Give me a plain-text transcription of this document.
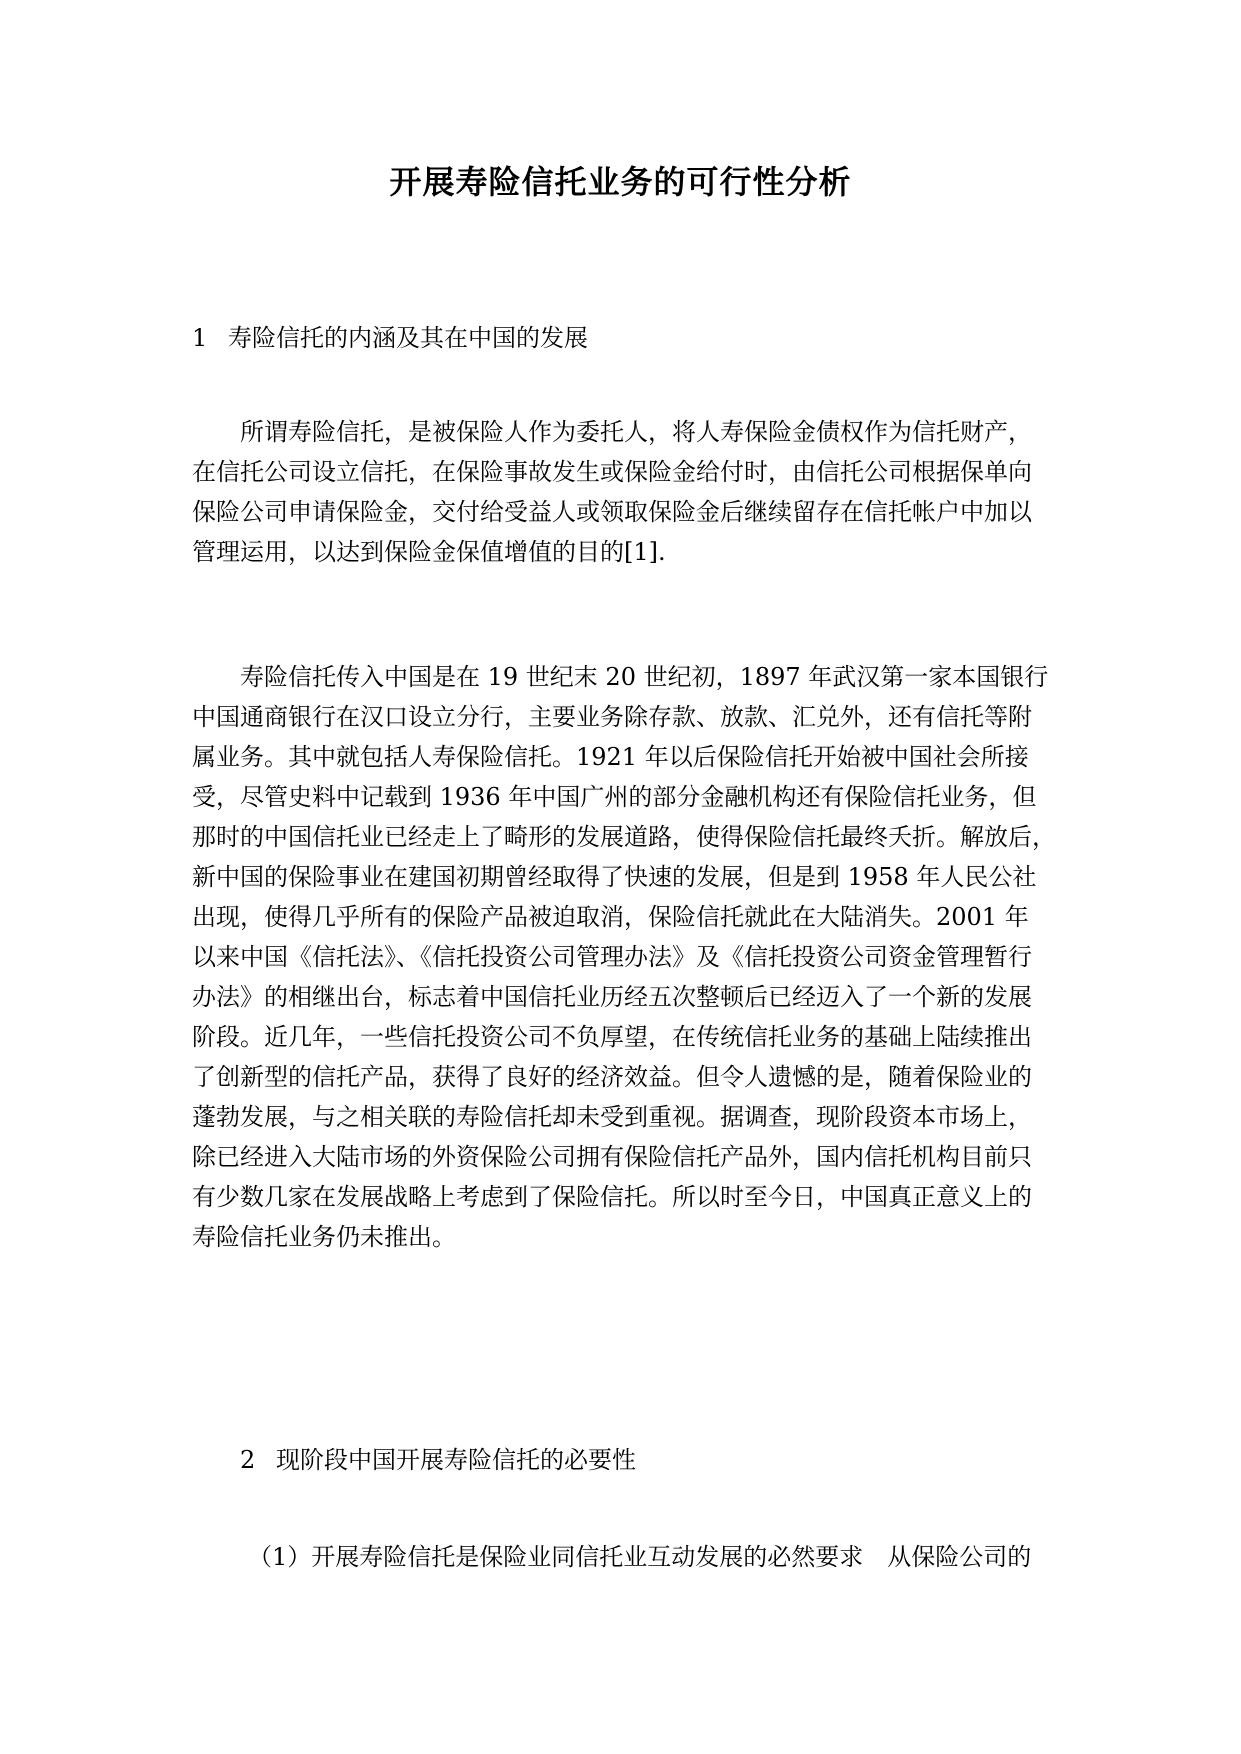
开展寿险信托业务的可行性分析
1 寿险信托的内涵及其在中国的发展
所谓寿险信托，是被保险人作为委托人，将人寿保险金债权作为信托财产，
在信托公司设立信托，在保险事故发生或保险金给付时，由信托公司根据保单向
保险公司申请保险金，交付给受益人或领取保险金后继续留存在信托帐户中加以
管理运用，以达到保险金保值增值的目的[1].
寿险信托传入中国是在 19 世纪末 20 世纪初，1897 年武汉第一家本国银行
中国通商银行在汉口设立分行，主要业务除存款、放款、汇兑外，还有信托等附
属业务。其中就包括人寿保险信托。1921 年以后保险信托开始被中国社会所接
受，尽管史料中记载到 1936 年中国广州的部分金融机构还有保险信托业务，但
那时的中国信托业已经走上了畸形的发展道路，使得保险信托最终夭折。解放后，
新中国的保险事业在建国初期曾经取得了快速的发展，但是到 1958 年人民公社
出现，使得几乎所有的保险产品被迫取消，保险信托就此在大陆消失。2001 年
以来中国《信托法》、《信托投资公司管理办法》及《信托投资公司资金管理暂行
办法》的相继出台，标志着中国信托业历经五次整顿后已经迈入了一个新的发展
阶段。近几年，一些信托投资公司不负厚望，在传统信托业务的基础上陆续推出
了创新型的信托产品，获得了良好的经济效益。但令人遗憾的是，随着保险业的
蓬勃发展，与之相关联的寿险信托却未受到重视。据调查，现阶段资本市场上，
除已经进入大陆市场的外资保险公司拥有保险信托产品外，国内信托机构目前只
有少数几家在发展战略上考虑到了保险信托。所以时至今日，中国真正意义上的
寿险信托业务仍未推出。
2 现阶段中国开展寿险信托的必要性
（1）开展寿险信托是保险业同信托业互动发展的必然要求　从保险公司的
